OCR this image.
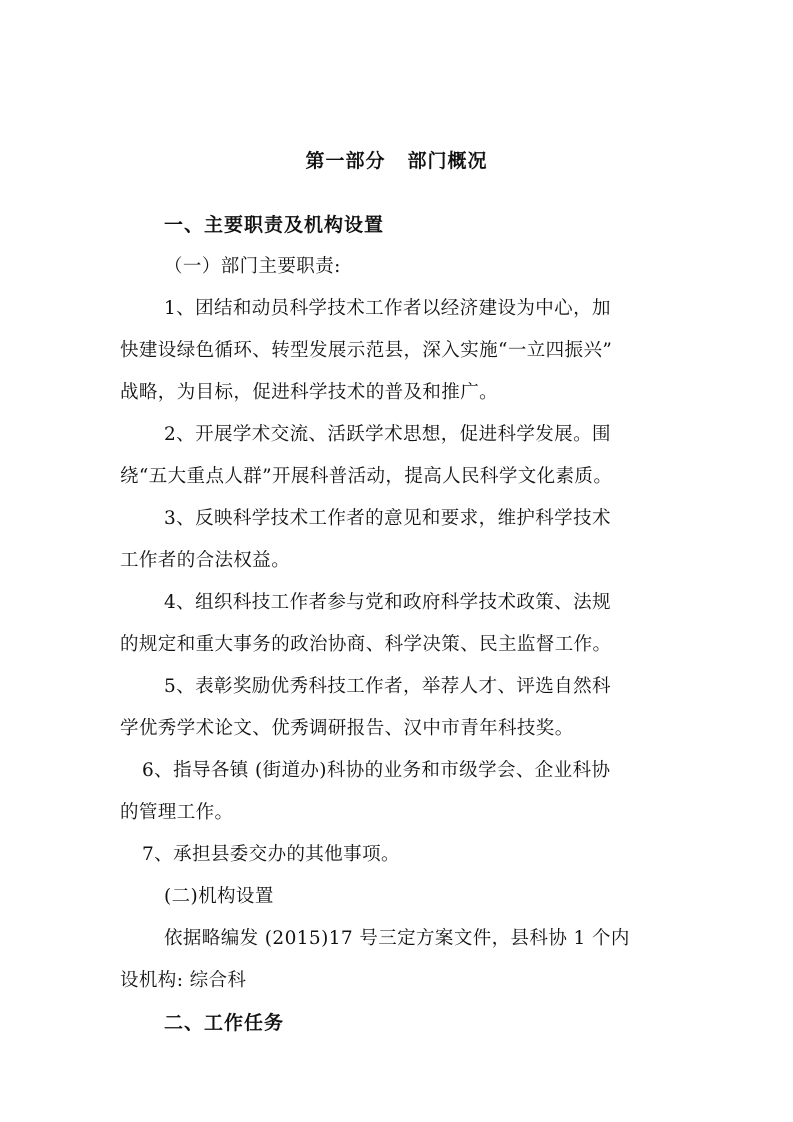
第一部分 部门概况
一、主要职责及机构设置
（一）部门主要职责:
1、团结和动员科学技术工作者以经济建设为中心，加
快建设绿色循环、转型发展示范县，深入实施“一立四振兴”
战略，为目标，促进科学技术的普及和推广。
2、开展学术交流、活跃学术思想，促进科学发展。围
绕“五大重点人群”开展科普活动，提高人民科学文化素质。
3、反映科学技术工作者的意见和要求，维护科学技术
工作者的合法权益。
4、组织科技工作者参与党和政府科学技术政策、法规
的规定和重大事务的政治协商、科学决策、民主监督工作。
5、表彰奖励优秀科技工作者，举荐人才、评选自然科
学优秀学术论文、优秀调研报告、汉中市青年科技奖。
6、指导各镇 (街道办)科协的业务和市级学会、企业科协
的管理工作。
7、承担县委交办的其他事项。
(二)机构设置
依据略编发 (2015)17 号三定方案文件，县科协 1 个内
设机构: 综合科
二、工作任务
